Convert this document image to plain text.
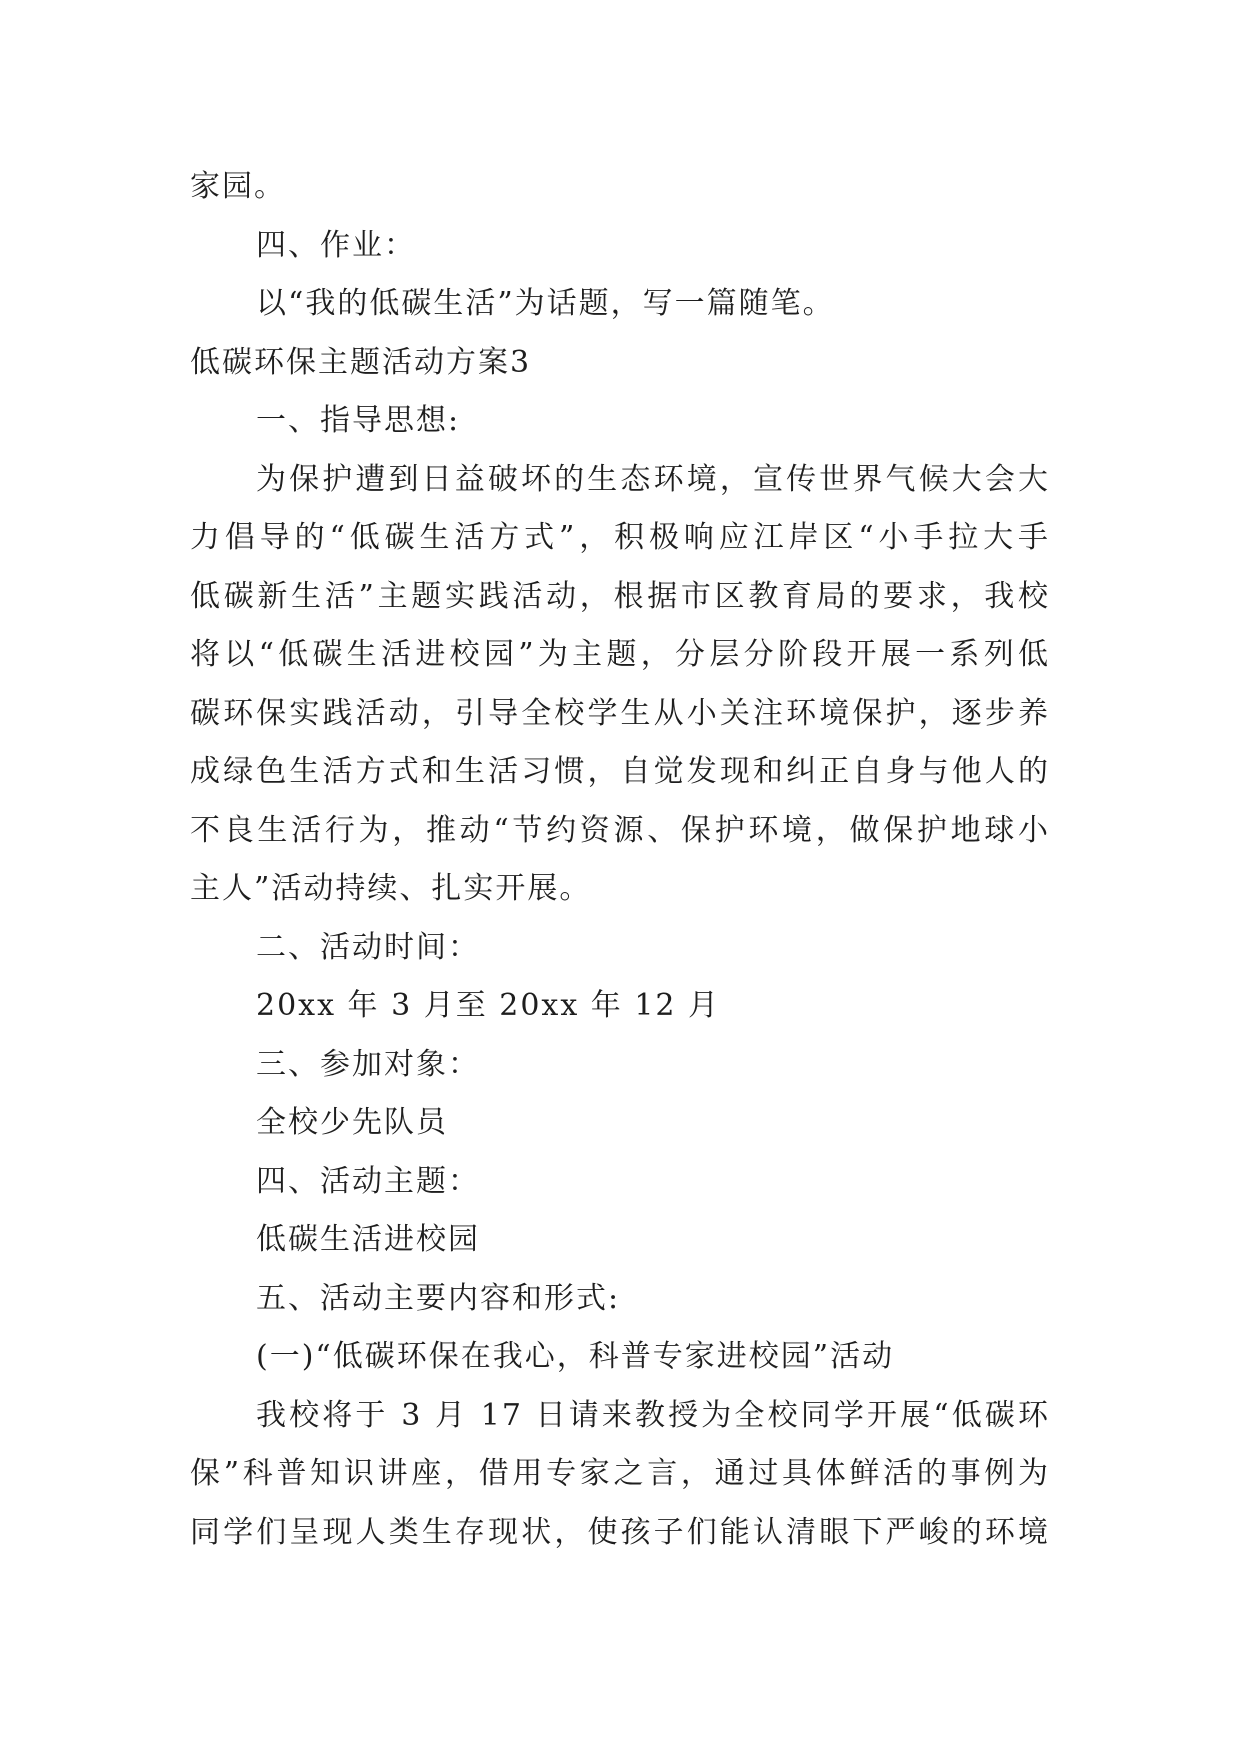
家园。
四、作业：
以“我的低碳生活”为话题，写一篇随笔。
低碳环保主题活动方案3
一、指导思想:
为保护遭到日益破坏的生态环境，宣传世界气候大会大
力倡导的“低碳生活方式”，积极响应江岸区“小手拉大手
低碳新生活”主题实践活动，根据市区教育局的要求，我校
将以“低碳生活进校园”为主题，分层分阶段开展一系列低
碳环保实践活动，引导全校学生从小关注环境保护，逐步养
成绿色生活方式和生活习惯，自觉发现和纠正自身与他人的
不良生活行为，推动“节约资源、保护环境，做保护地球小
主人”活动持续、扎实开展。
二、活动时间：
20xx 年 3 月至 20xx 年 12 月
三、参加对象：
全校少先队员
四、活动主题：
低碳生活进校园
五、活动主要内容和形式:
(一)“低碳环保在我心，科普专家进校园”活动
我校将于 3 月 17 日请来教授为全校同学开展“低碳环
保”科普知识讲座，借用专家之言，通过具体鲜活的事例为
同学们呈现人类生存现状，使孩子们能认清眼下严峻的环境
